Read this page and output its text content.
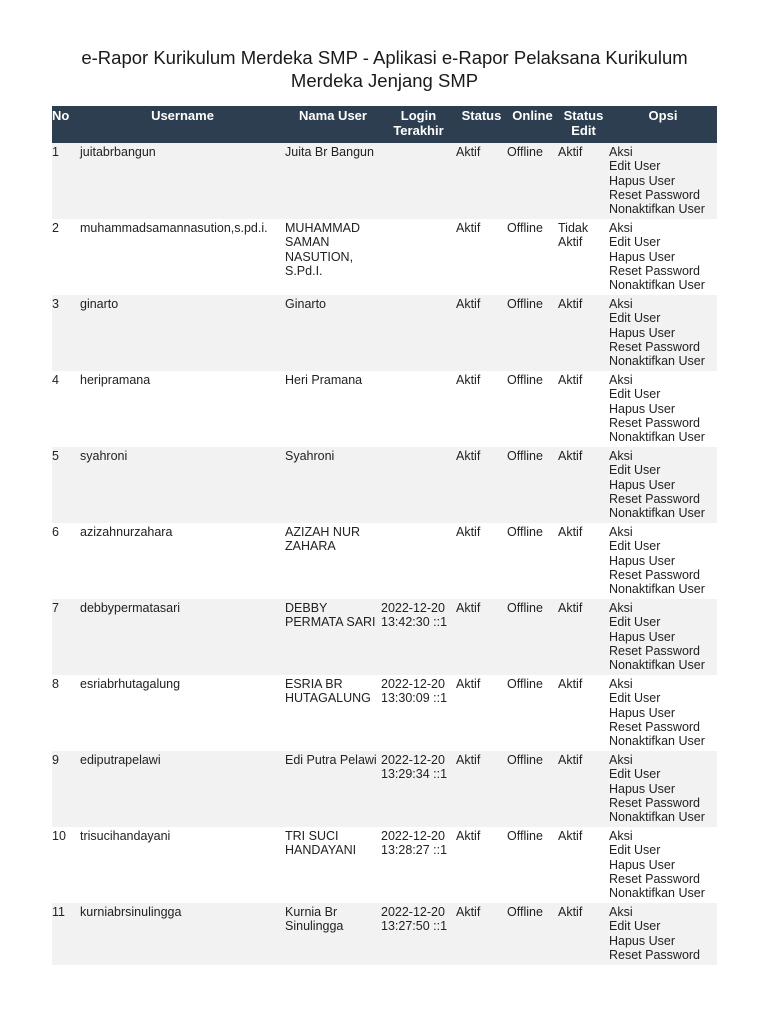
e-Rapor Kurikulum Merdeka SMP - Aplikasi e-Rapor Pelaksana Kurikulum Merdeka Jenjang SMP
No	Username	Nama User	Login Terakhir	Status	Online	Status Edit	Opsi
1	juitabrbangun	Juita Br Bangun		Aktif	Offline	Aktif	Aksi
Edit User
Hapus User
Reset Password
Nonaktifkan User

2	muhammadsamannasution,s.pd.i.	MUHAMMAD SAMAN NASUTION, S.Pd.I.		Aktif	Offline	Tidak Aktif	Aksi
Edit User
Hapus User
Reset Password
Nonaktifkan User

3	ginarto	Ginarto		Aktif	Offline	Aktif	Aksi
Edit User
Hapus User
Reset Password
Nonaktifkan User

4	heripramana	Heri Pramana		Aktif	Offline	Aktif	Aksi
Edit User
Hapus User
Reset Password
Nonaktifkan User

5	syahroni	Syahroni		Aktif	Offline	Aktif	Aksi
Edit User
Hapus User
Reset Password
Nonaktifkan User

6	azizahnurzahara	AZIZAH NUR ZAHARA		Aktif	Offline	Aktif	Aksi
Edit User
Hapus User
Reset Password
Nonaktifkan User

7	debbypermatasari	DEBBY PERMATA SARI	2022-12-20 13:42:30 ::1	Aktif	Offline	Aktif	Aksi
Edit User
Hapus User
Reset Password
Nonaktifkan User

8	esriabrhutagalung	ESRIA BR HUTAGALUNG	2022-12-20 13:30:09 ::1	Aktif	Offline	Aktif	Aksi
Edit User
Hapus User
Reset Password
Nonaktifkan User

9	ediputrapelawi	Edi Putra Pelawi	2022-12-20 13:29:34 ::1	Aktif	Offline	Aktif	Aksi
Edit User
Hapus User
Reset Password
Nonaktifkan User

10	trisucihandayani	TRI SUCI HANDAYANI	2022-12-20 13:28:27 ::1	Aktif	Offline	Aktif	Aksi
Edit User
Hapus User
Reset Password
Nonaktifkan User

11	kurniabrsinulingga	Kurnia Br Sinulingga	2022-12-20 13:27:50 ::1	Aktif	Offline	Aktif	Aksi
Edit User
Hapus User
Reset Password
